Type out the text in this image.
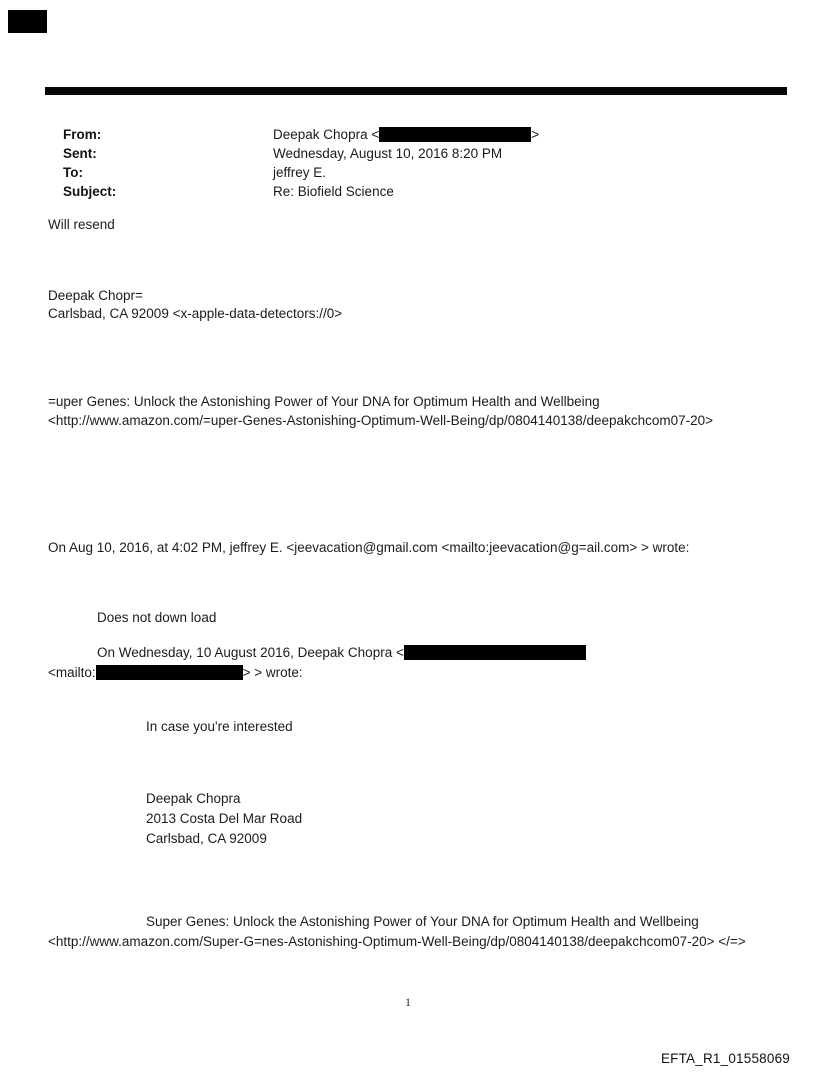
From:	Deepak Chopra <	>

Sent:	Wednesday, August 10, 2016 8:20 PM

To:	jeffrey E.

Subject:	Re: Biofield Science

Will resend
Deepak Chopr=
Carlsbad, CA 92009 <x-apple-data-detectors://0>
=uper Genes: Unlock the Astonishing Power of Your DNA for Optimum Health and Wellbeing
<http://www.amazon.com/=uper-Genes-Astonishing-Optimum-Well-Being/dp/0804140138/deepakchcom07-20>
On Aug 10, 2016, at 4:02 PM, jeffrey E. <jeevacation@gmail.com <mailto:jeevacation@g=ail.com> > wrote:
Does not down load
On Wednesday, 10 August 2016, Deepak Chopra <
<mailto:	> > wrote:
In case you're interested
Deepak Chopra
2013 Costa Del Mar Road
Carlsbad, CA 92009
Super Genes: Unlock the Astonishing Power of Your DNA for Optimum Health and Wellbeing
<http://www.amazon.com/Super-G=nes-Astonishing-Optimum-Well-Being/dp/0804140138/deepakchcom07-20> </=>
1
EFTA_R1_01558069
